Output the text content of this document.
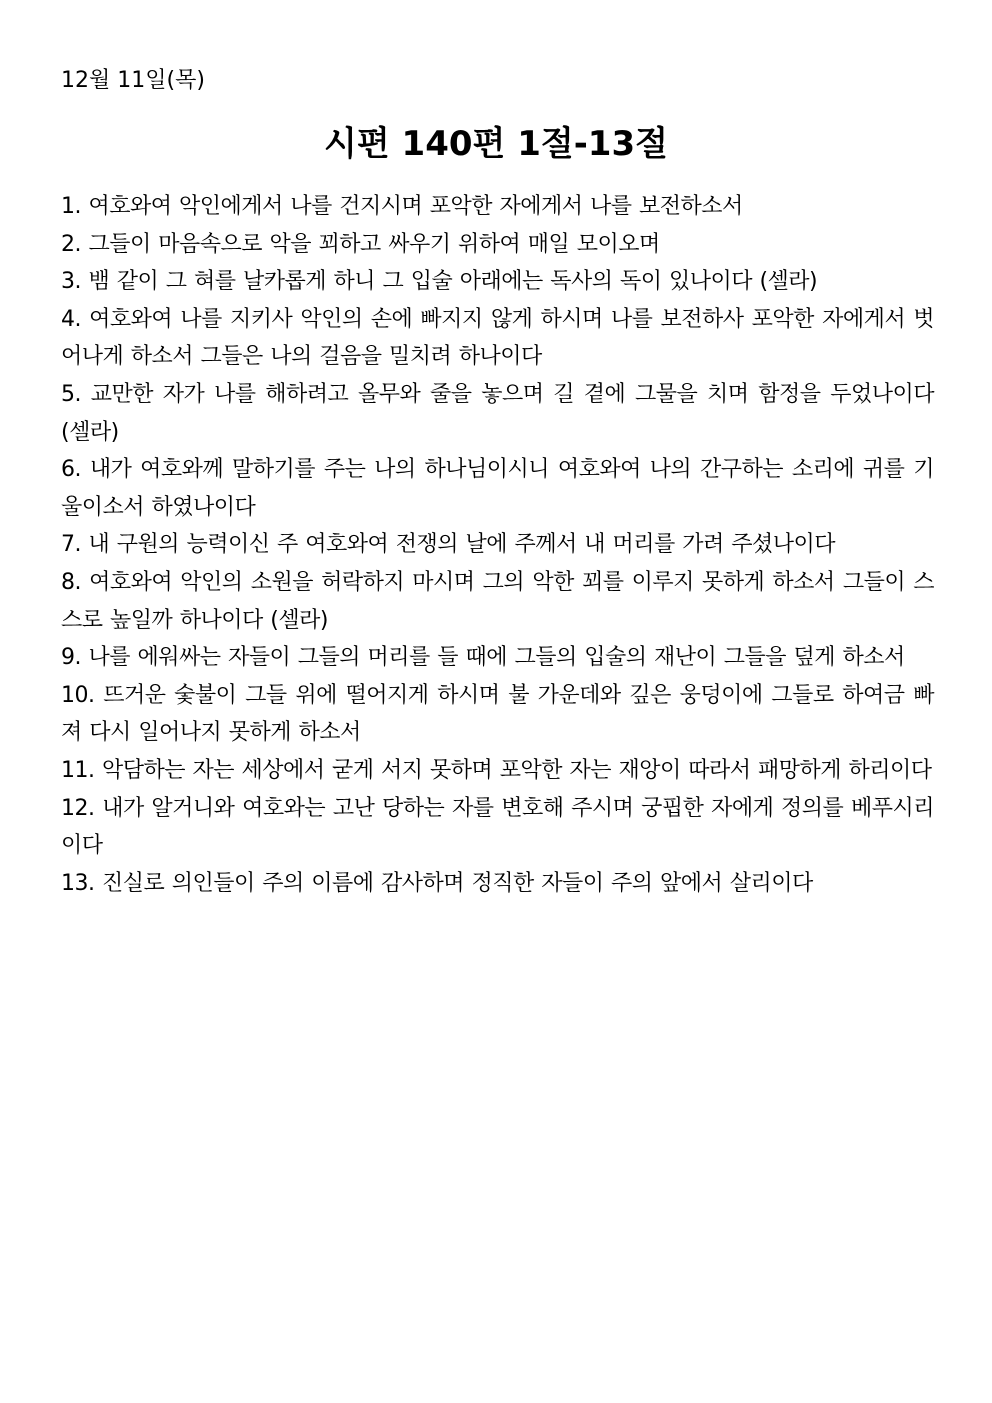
12월 11일(목)
시편 140편 1절-13절
1. 여호와여 악인에게서 나를 건지시며 포악한 자에게서 나를 보전하소서
2. 그들이 마음속으로 악을 꾀하고 싸우기 위하여 매일 모이오며
3. 뱀 같이 그 혀를 날카롭게 하니 그 입술 아래에는 독사의 독이 있나이다 (셀라)
4. 여호와여 나를 지키사 악인의 손에 빠지지 않게 하시며 나를 보전하사 포악한 자에게서 벗어나게 하소서 그들은 나의 걸음을 밀치려 하나이다
5. 교만한 자가 나를 해하려고 올무와 줄을 놓으며 길 곁에 그물을 치며 함정을 두었나이다 (셀라)
6. 내가 여호와께 말하기를 주는 나의 하나님이시니 여호와여 나의 간구하는 소리에 귀를 기울이소서 하였나이다
7. 내 구원의 능력이신 주 여호와여 전쟁의 날에 주께서 내 머리를 가려 주셨나이다
8. 여호와여 악인의 소원을 허락하지 마시며 그의 악한 꾀를 이루지 못하게 하소서 그들이 스스로 높일까 하나이다 (셀라)
9. 나를 에워싸는 자들이 그들의 머리를 들 때에 그들의 입술의 재난이 그들을 덮게 하소서
10. 뜨거운 숯불이 그들 위에 떨어지게 하시며 불 가운데와 깊은 웅덩이에 그들로 하여금 빠져 다시 일어나지 못하게 하소서
11. 악담하는 자는 세상에서 굳게 서지 못하며 포악한 자는 재앙이 따라서 패망하게 하리이다
12. 내가 알거니와 여호와는 고난 당하는 자를 변호해 주시며 궁핍한 자에게 정의를 베푸시리이다
13. 진실로 의인들이 주의 이름에 감사하며 정직한 자들이 주의 앞에서 살리이다
